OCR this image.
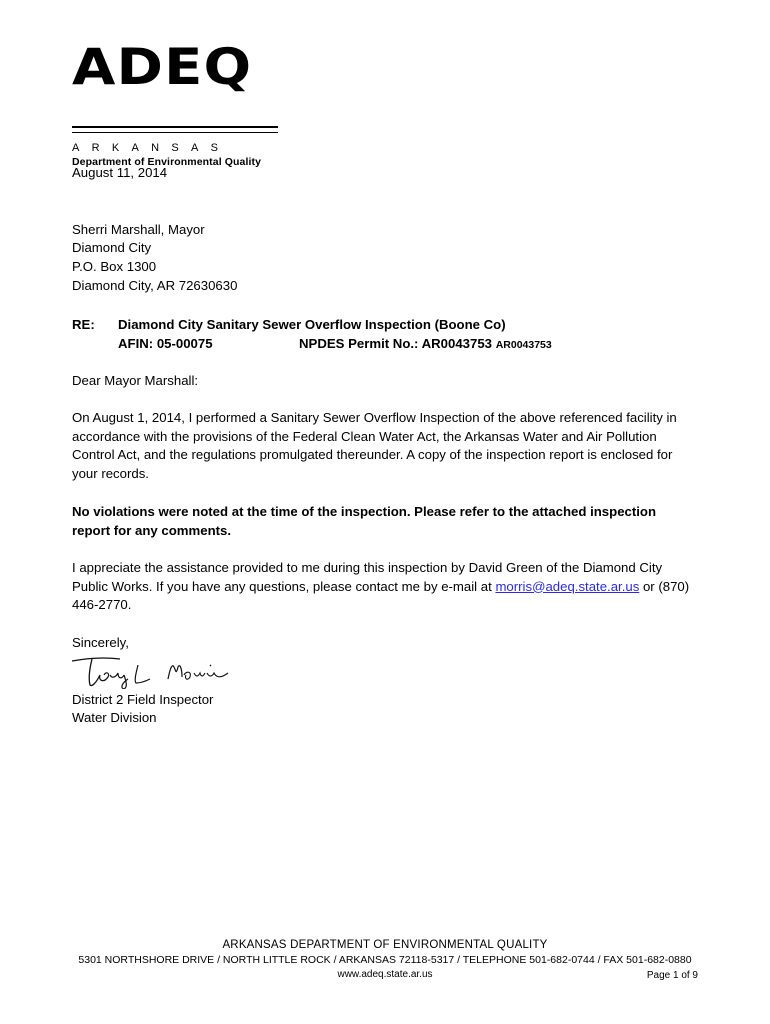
ADEQ
ARKANSAS
Department of Environmental Quality
August 11, 2014
Sherri Marshall, Mayor
Diamond City
P.O. Box 1300
Diamond City, AR 72630630
RE: Diamond City Sanitary Sewer Overflow Inspection (Boone Co)
AFIN: 05-00075	NPDES Permit No.: AR0043753 AR0043753
Dear Mayor Marshall:
On August 1, 2014, I performed a Sanitary Sewer Overflow Inspection of the above referenced facility in accordance with the provisions of the Federal Clean Water Act, the Arkansas Water and Air Pollution Control Act, and the regulations promulgated thereunder. A copy of the inspection report is enclosed for your records.
No violations were noted at the time of the inspection. Please refer to the attached inspection report for any comments.
I appreciate the assistance provided to me during this inspection by David Green of the Diamond City Public Works. If you have any questions, please contact me by e-mail at morris@adeq.state.ar.us or (870) 446-2770.
Sincerely,
District 2 Field Inspector
Water Division
ARKANSAS DEPARTMENT OF ENVIRONMENTAL QUALITY
5301 NORTHSHORE DRIVE / NORTH LITTLE ROCK / ARKANSAS 72118-5317 / TELEPHONE 501-682-0744 / FAX 501-682-0880
www.adeq.state.ar.us	Page 1 of 9
